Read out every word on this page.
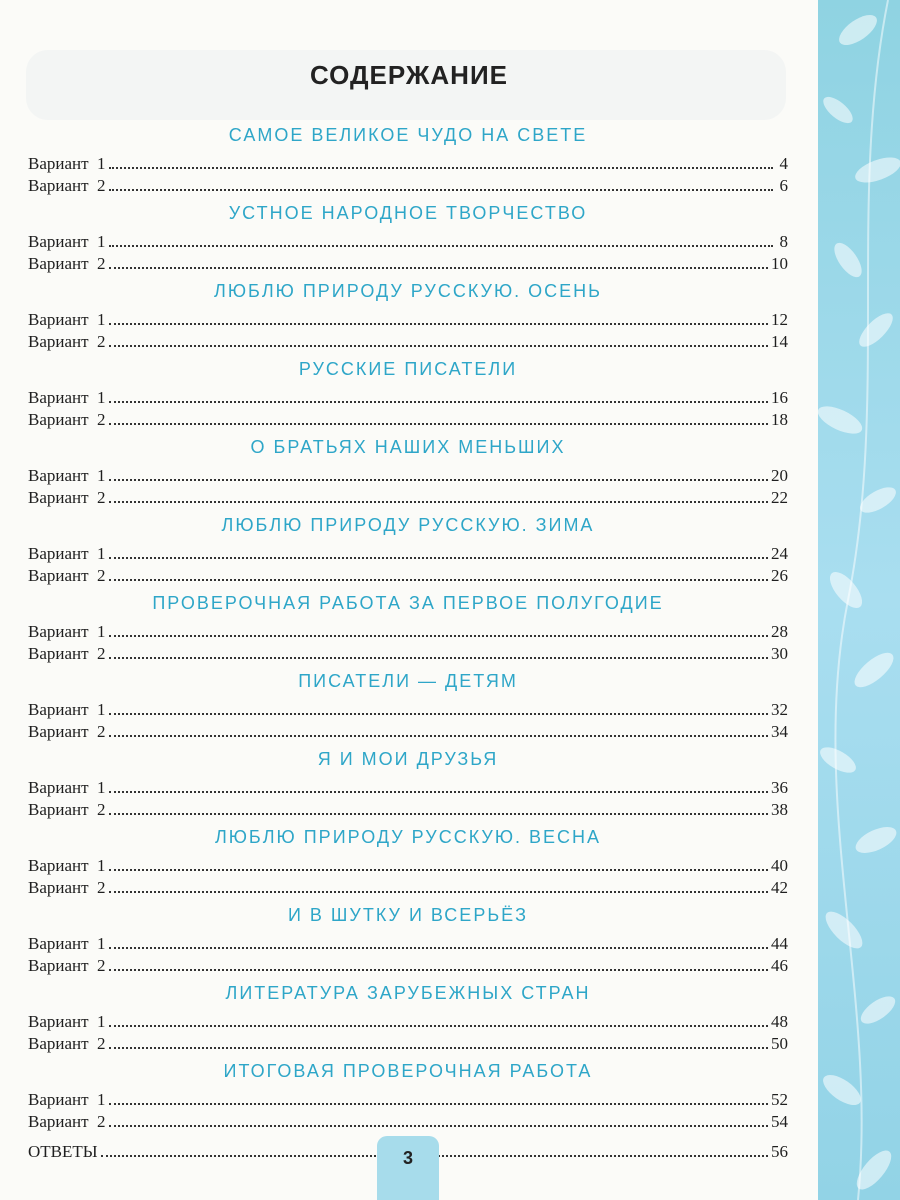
СОДЕРЖАНИЕ
САМОЕ ВЕЛИКОЕ ЧУДО НА СВЕТЕ
Вариант  1	4
Вариант  2	6
УСТНОЕ НАРОДНОЕ ТВОРЧЕСТВО
Вариант  1	8
Вариант  2	10
ЛЮБЛЮ ПРИРОДУ РУССКУЮ. ОСЕНЬ
Вариант  1	12
Вариант  2	14
РУССКИЕ ПИСАТЕЛИ
Вариант  1	16
Вариант  2	18
О БРАТЬЯХ НАШИХ МЕНЬШИХ
Вариант  1	20
Вариант  2	22
ЛЮБЛЮ ПРИРОДУ РУССКУЮ. ЗИМА
Вариант  1	24
Вариант  2	26
ПРОВЕРОЧНАЯ РАБОТА ЗА ПЕРВОЕ ПОЛУГОДИЕ
Вариант  1	28
Вариант  2	30
ПИСАТЕЛИ — ДЕТЯМ
Вариант  1	32
Вариант  2	34
Я И МОИ ДРУЗЬЯ
Вариант  1	36
Вариант  2	38
ЛЮБЛЮ ПРИРОДУ РУССКУЮ. ВЕСНА
Вариант  1	40
Вариант  2	42
И В ШУТКУ И ВСЕРЬЁЗ
Вариант  1	44
Вариант  2	46
ЛИТЕРАТУРА ЗАРУБЕЖНЫХ СТРАН
Вариант  1	48
Вариант  2	50
ИТОГОВАЯ ПРОВЕРОЧНАЯ РАБОТА
Вариант  1	52
Вариант  2	54
ОТВЕТЫ	56
3
